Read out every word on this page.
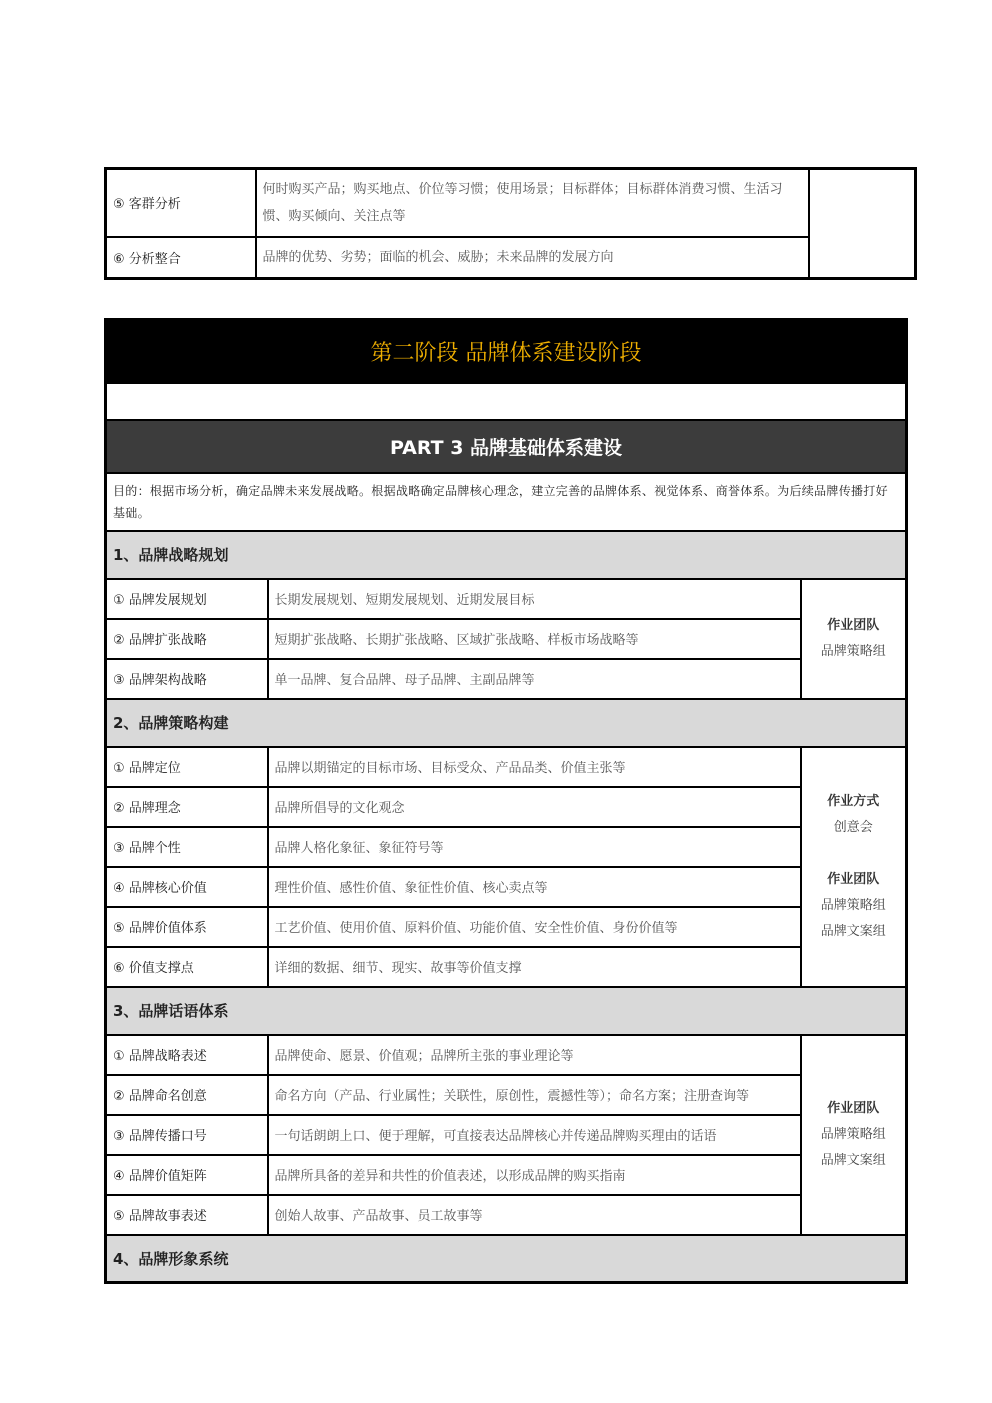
⑤ 客群分析	何时购买产品；购买地点、价位等习惯；使用场景；目标群体；目标群体消费习惯、生活习惯、购买倾向、关注点等	
⑥ 分析整合	品牌的优势、劣势；面临的机会、威胁；未来品牌的发展方向	
第二阶段 品牌体系建设阶段		

PART 3 品牌基础体系建设		
目的：根据市场分析，确定品牌未来发展战略。根据战略确定品牌核心理念，建立完善的品牌体系、视觉体系、商誉体系。为后续品牌传播打好基础。		
1、品牌战略规划		
① 品牌发展规划	长期发展规划、短期发展规划、近期发展目标	作业团队
品牌策略组

② 品牌扩张战略	短期扩张战略、长期扩张战略、区域扩张战略、样板市场战略等	
③ 品牌架构战略	单一品牌、复合品牌、母子品牌、主副品牌等	
2、品牌策略构建		
① 品牌定位	品牌以期锚定的目标市场、目标受众、产品品类、价值主张等	作业方式
创意会
作业团队
品牌策略组
品牌文案组

② 品牌理念	品牌所倡导的文化观念	
③ 品牌个性	品牌人格化象征、象征符号等	
④ 品牌核心价值	理性价值、感性价值、象征性价值、核心卖点等	
⑤ 品牌价值体系	工艺价值、使用价值、原料价值、功能价值、安全性价值、身份价值等	
⑥ 价值支撑点	详细的数据、细节、现实、故事等价值支撑	
3、品牌话语体系		
① 品牌战略表述	品牌使命、愿景、价值观；品牌所主张的事业理论等	作业团队
品牌策略组
品牌文案组

② 品牌命名创意	命名方向（产品、行业属性；关联性，原创性，震撼性等）；命名方案；注册查询等	
③ 品牌传播口号	一句话朗朗上口、便于理解，可直接表达品牌核心并传递品牌购买理由的话语	
④ 品牌价值矩阵	品牌所具备的差异和共性的价值表述，以形成品牌的购买指南	
⑤ 品牌故事表述	创始人故事、产品故事、员工故事等	
4、品牌形象系统		
